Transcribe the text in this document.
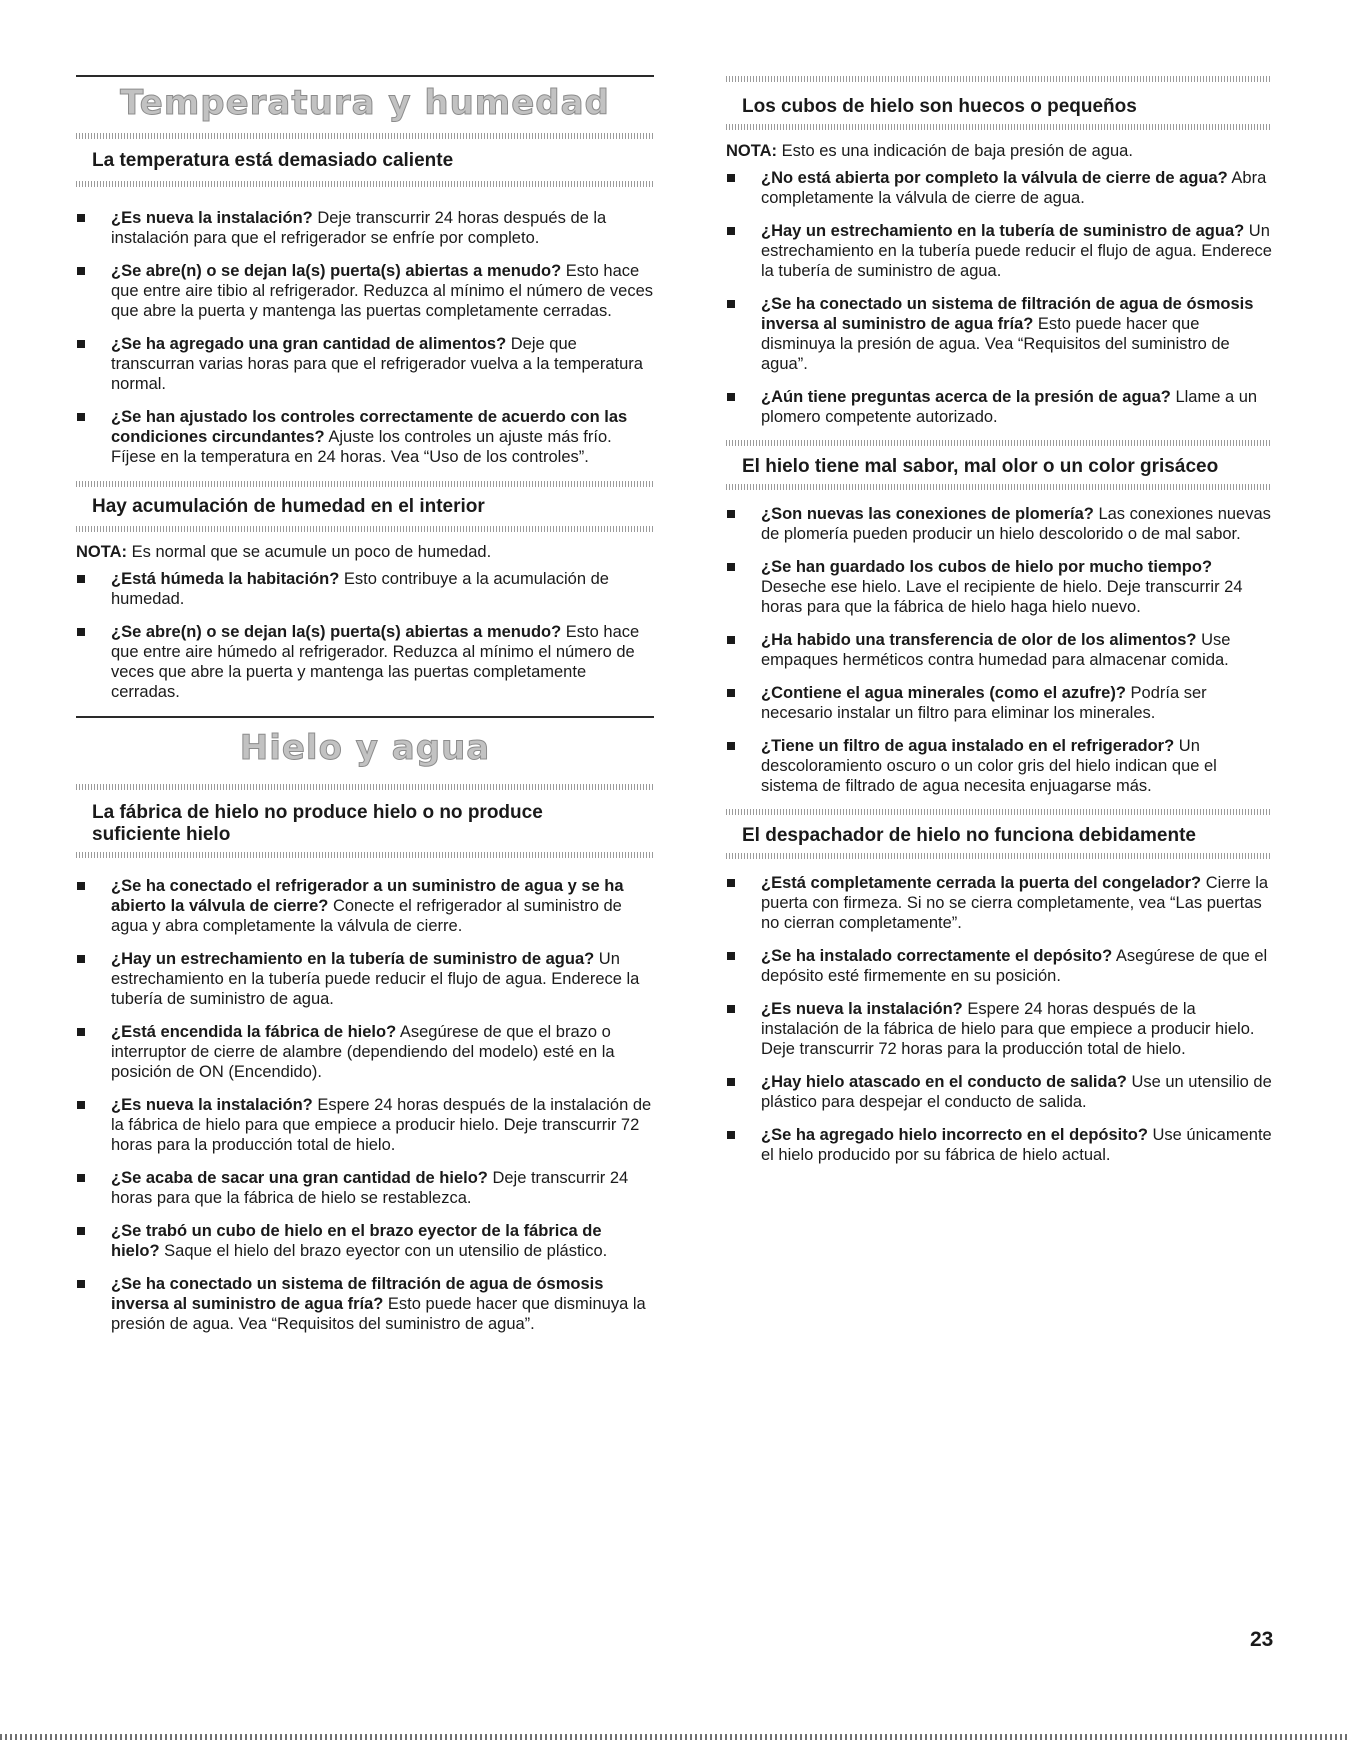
Temperatura y humedad
La temperatura está demasiado caliente
¿Es nueva la instalación? Deje transcurrir 24 horas después de la instalación para que el refrigerador se enfríe por completo.
¿Se abre(n) o se dejan la(s) puerta(s) abiertas a menudo? Esto hace que entre aire tibio al refrigerador. Reduzca al mínimo el número de veces que abre la puerta y mantenga las puertas completamente cerradas.
¿Se ha agregado una gran cantidad de alimentos? Deje que transcurran varias horas para que el refrigerador vuelva a la temperatura normal.
¿Se han ajustado los controles correctamente de acuerdo con las condiciones circundantes? Ajuste los controles un ajuste más frío. Fíjese en la temperatura en 24 horas. Vea “Uso de los controles”.
Hay acumulación de humedad en el interior

NOTA: Es normal que se acumule un poco de humedad.

¿Está húmeda la habitación? Esto contribuye a la acumulación de humedad.
¿Se abre(n) o se dejan la(s) puerta(s) abiertas a menudo? Esto hace que entre aire húmedo al refrigerador. Reduzca al mínimo el número de veces que abre la puerta y mantenga las puertas completamente cerradas.
Hielo y agua
La fábrica de hielo no produce hielo o no produce suficiente hielo
¿Se ha conectado el refrigerador a un suministro de agua y se ha abierto la válvula de cierre? Conecte el refrigerador al suministro de agua y abra completamente la válvula de cierre.
¿Hay un estrechamiento en la tubería de suministro de agua? Un estrechamiento en la tubería puede reducir el flujo de agua. Enderece la tubería de suministro de agua.
¿Está encendida la fábrica de hielo? Asegúrese de que el brazo o interruptor de cierre de alambre (dependiendo del modelo) esté en la posición de ON (Encendido).
¿Es nueva la instalación? Espere 24 horas después de la instalación de la fábrica de hielo para que empiece a producir hielo. Deje transcurrir 72 horas para la producción total de hielo.
¿Se acaba de sacar una gran cantidad de hielo? Deje transcurrir 24 horas para que la fábrica de hielo se restablezca.
¿Se trabó un cubo de hielo en el brazo eyector de la fábrica de hielo? Saque el hielo del brazo eyector con un utensilio de plástico.
¿Se ha conectado un sistema de filtración de agua de ósmosis inversa al suministro de agua fría? Esto puede hacer que disminuya la presión de agua. Vea “Requisitos del suministro de agua”.
Los cubos de hielo son huecos o pequeños

NOTA: Esto es una indicación de baja presión de agua.

¿No está abierta por completo la válvula de cierre de agua? Abra completamente la válvula de cierre de agua.
¿Hay un estrechamiento en la tubería de suministro de agua? Un estrechamiento en la tubería puede reducir el flujo de agua. Enderece la tubería de suministro de agua.
¿Se ha conectado un sistema de filtración de agua de ósmosis inversa al suministro de agua fría? Esto puede hacer que disminuya la presión de agua. Vea “Requisitos del suministro de agua”.
¿Aún tiene preguntas acerca de la presión de agua? Llame a un plomero competente autorizado.
El hielo tiene mal sabor, mal olor o un color grisáceo
¿Son nuevas las conexiones de plomería? Las conexiones nuevas de plomería pueden producir un hielo descolorido o de mal sabor.
¿Se han guardado los cubos de hielo por mucho tiempo? Deseche ese hielo. Lave el recipiente de hielo. Deje transcurrir 24 horas para que la fábrica de hielo haga hielo nuevo.
¿Ha habido una transferencia de olor de los alimentos? Use empaques herméticos contra humedad para almacenar comida.
¿Contiene el agua minerales (como el azufre)? Podría ser necesario instalar un filtro para eliminar los minerales.
¿Tiene un filtro de agua instalado en el refrigerador? Un descoloramiento oscuro o un color gris del hielo indican que el sistema de filtrado de agua necesita enjuagarse más.
El despachador de hielo no funciona debidamente
¿Está completamente cerrada la puerta del congelador? Cierre la puerta con firmeza. Si no se cierra completamente, vea “Las puertas no cierran completamente”.
¿Se ha instalado correctamente el depósito? Asegúrese de que el depósito esté firmemente en su posición.
¿Es nueva la instalación? Espere 24 horas después de la instalación de la fábrica de hielo para que empiece a producir hielo. Deje transcurrir 72 horas para la producción total de hielo.
¿Hay hielo atascado en el conducto de salida? Use un utensilio de plástico para despejar el conducto de salida.
¿Se ha agregado hielo incorrecto en el depósito? Use únicamente el hielo producido por su fábrica de hielo actual.
23
